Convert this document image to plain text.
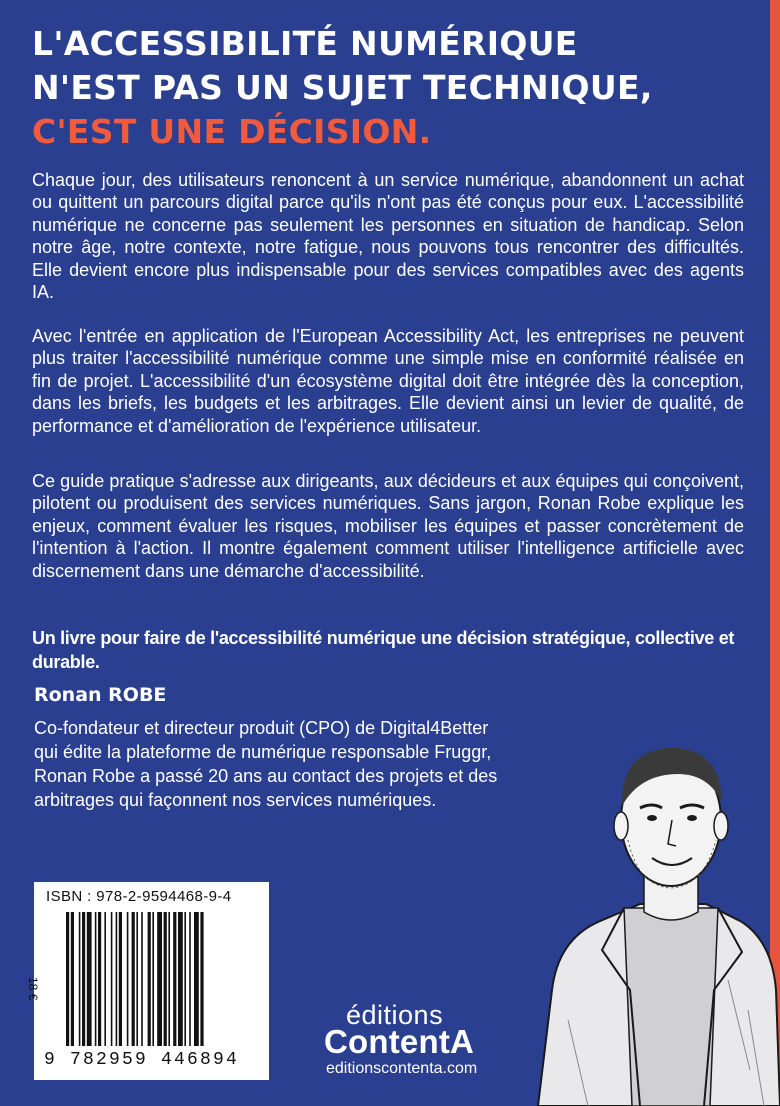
L'ACCESSIBILITÉ NUMÉRIQUE
N'EST PAS UN SUJET TECHNIQUE,
C'EST UNE DÉCISION.
Chaque jour, des utilisateurs renoncent à un service numérique, abandonnent un achat ou quittent un parcours digital parce qu'ils n'ont pas été conçus pour eux. L'accessibilité numérique ne concerne pas seulement les personnes en situation de handicap. Selon notre âge, notre contexte, notre fatigue, nous pouvons tous rencontrer des difficultés. Elle devient encore plus indispensable pour des services compatibles avec des agents IA.
Avec l'entrée en application de l'European Accessibility Act, les entreprises ne peuvent plus traiter l'accessibilité numérique comme une simple mise en conformité réalisée en fin de projet. L'accessibilité d'un écosystème digital doit être intégrée dès la conception, dans les briefs, les budgets et les arbitrages. Elle devient ainsi un levier de qualité, de performance et d'amélioration de l'expérience utilisateur.
Ce guide pratique s'adresse aux dirigeants, aux décideurs et aux équipes qui conçoivent, pilotent ou produisent des services numériques. Sans jargon, Ronan Robe explique les enjeux, comment évaluer les risques, mobiliser les équipes et passer concrètement de l'intention à l'action. Il montre également comment utiliser l'intelligence artificielle avec discernement dans une démarche d'accessibilité.
Un livre pour faire de l'accessibilité numérique une décision stratégique, collective et durable.
Ronan ROBE
Co-fondateur et directeur produit (CPO) de Digital4Better qui édite la plateforme de numérique responsable Fruggr, Ronan Robe a passé 20 ans au contact des projets et des arbitrages qui façonnent nos services numériques.
ISBN : 978-2-9594468-9-4
18 €
9 782959 446894
éditions
ContentA
editionscontenta.com
